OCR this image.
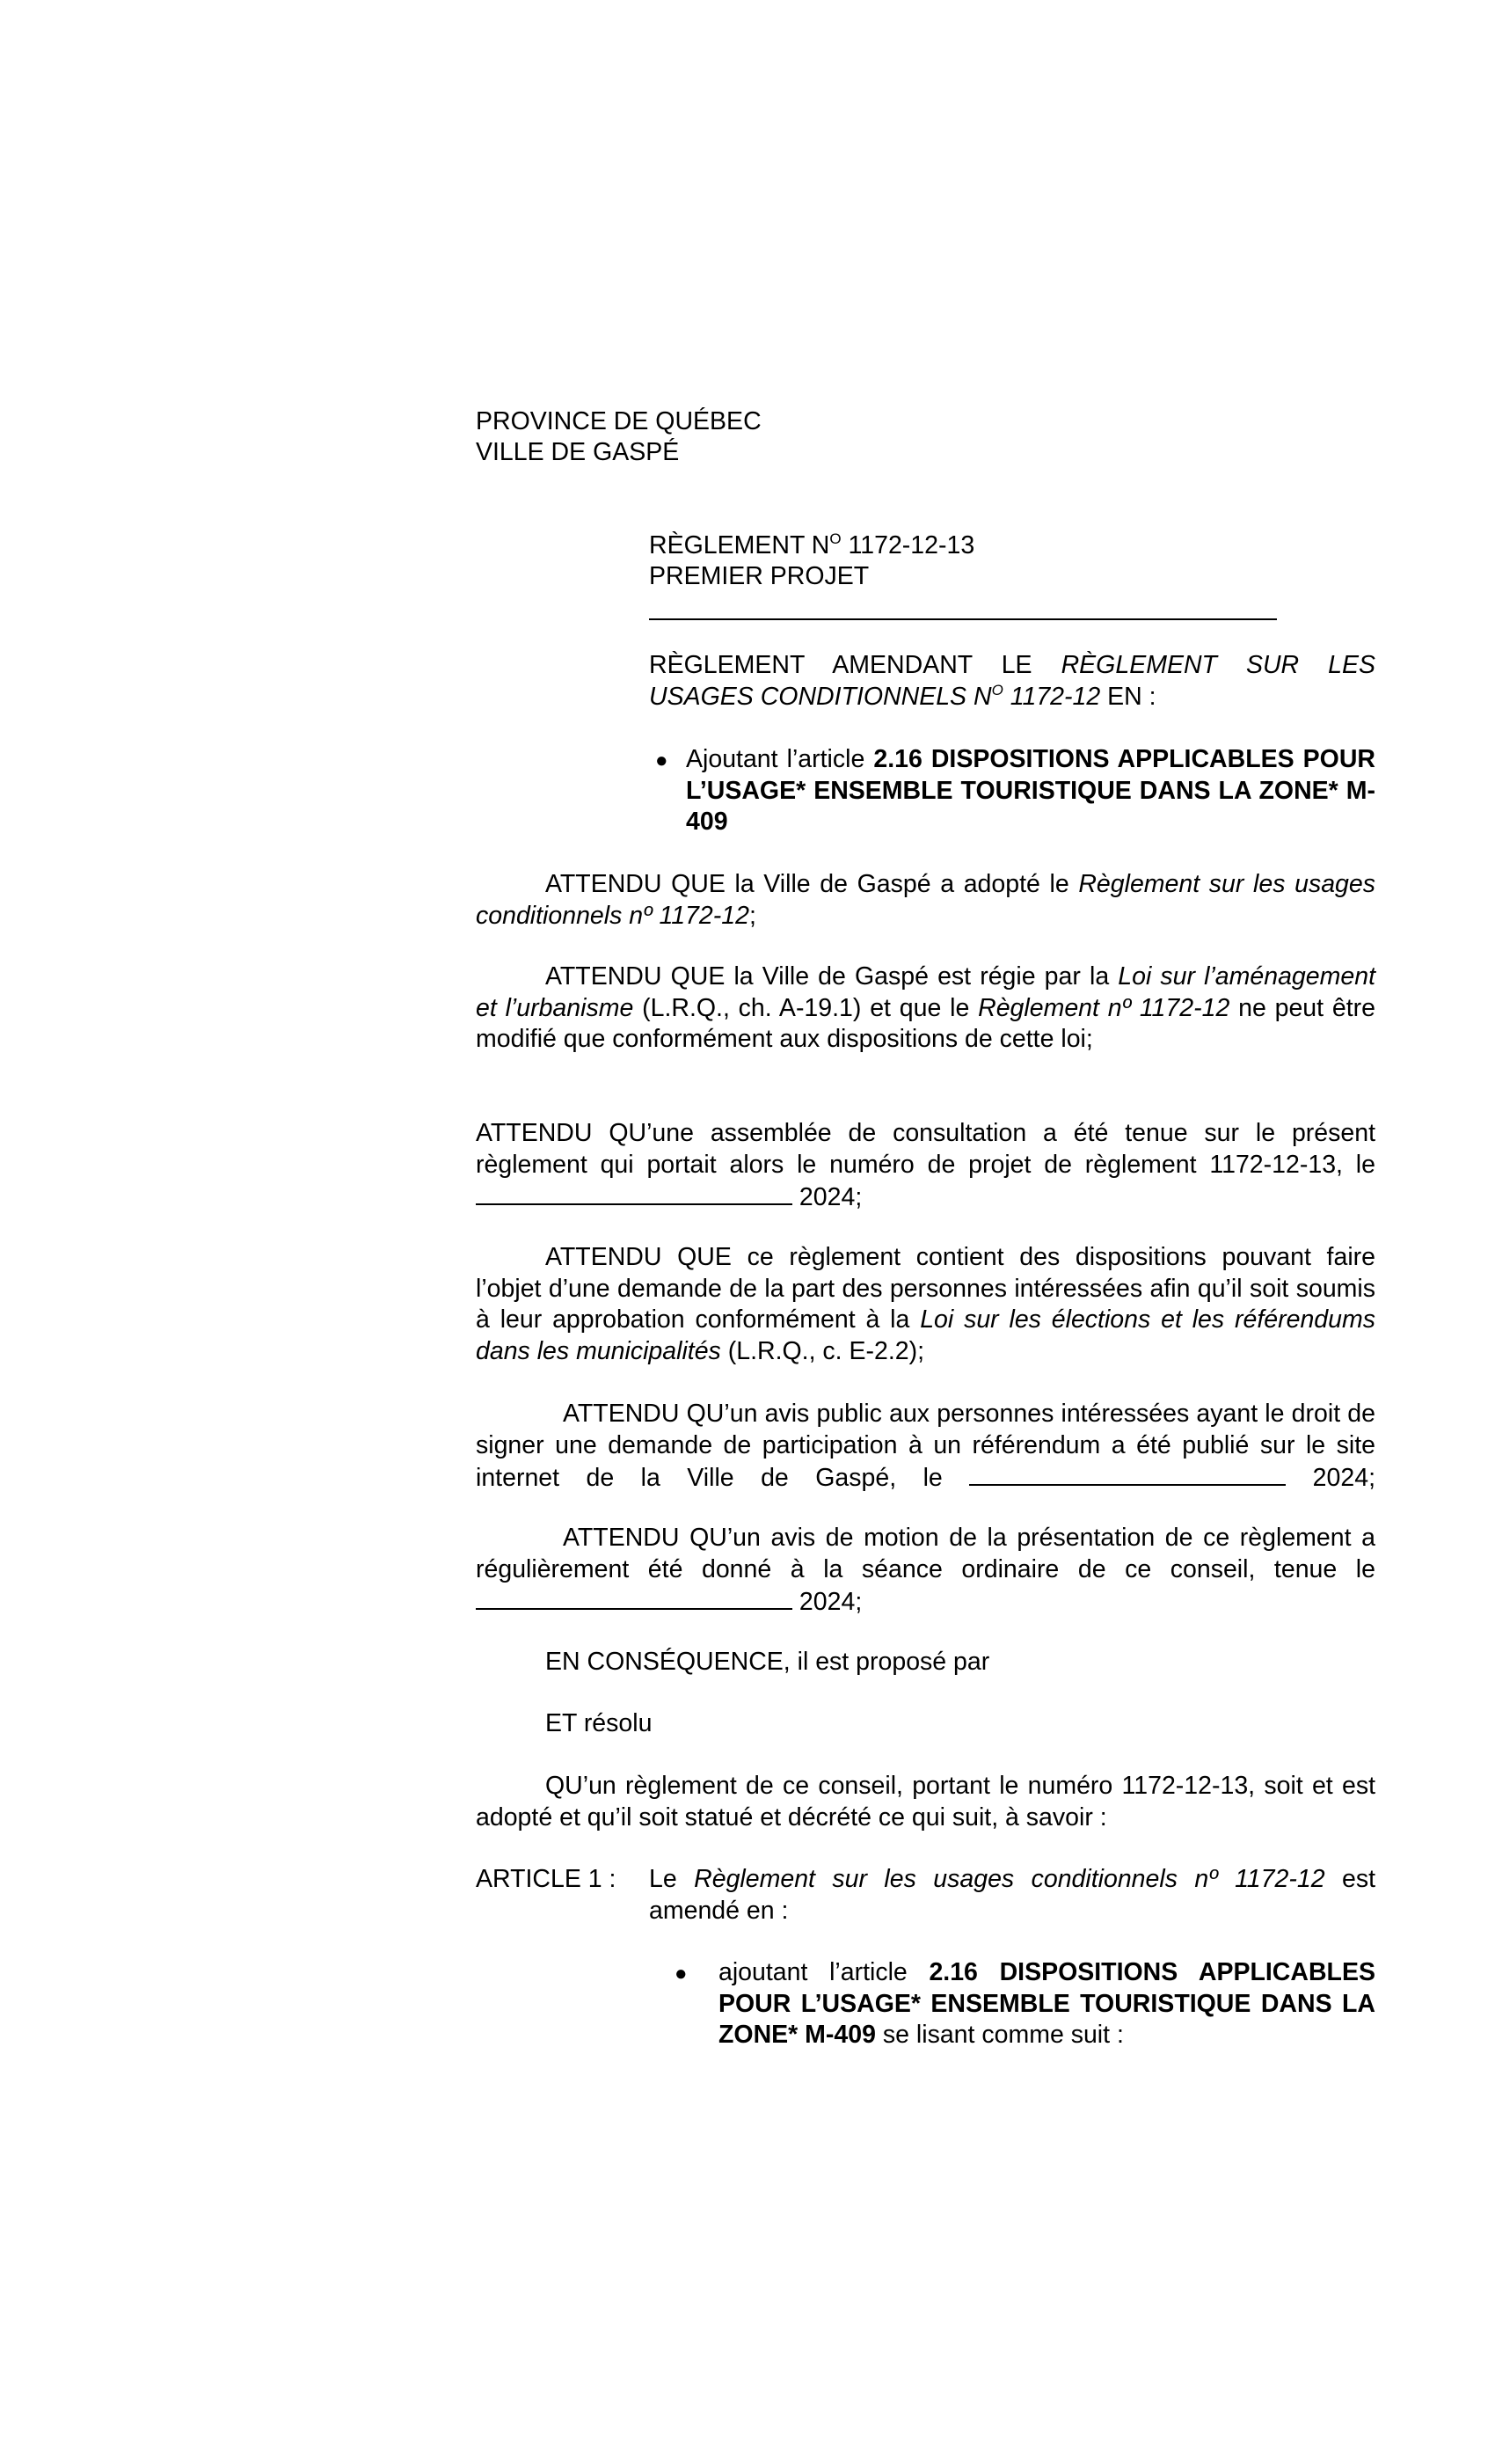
PROVINCE DE QUÉBEC
VILLE DE GASPÉ
RÈGLEMENT $N^O$ 1172-12-13
PREMIER PROJET
RÈGLEMENT AMENDANT LE RÈGLEMENT SUR LES USAGES CONDITIONNELS $N^O$ 1172-12 EN :
● Ajoutant l’article 2.16 DISPOSITIONS APPLICABLES POUR L’USAGE* ENSEMBLE TOURISTIQUE DANS LA ZONE* M-409
ATTENDU QUE la Ville de Gaspé a adopté le Règlement sur les usages conditionnels nº 1172-12;
ATTENDU QUE la Ville de Gaspé est régie par la Loi sur l’aménagement et l’urbanisme (L.R.Q., ch. A-19.1) et que le Règlement nº 1172-12 ne peut être modifié que conformément aux dispositions de cette loi;
ATTENDU QU’une assemblée de consultation a été tenue sur le présent règlement qui portait alors le numéro de projet de règlement 1172-12-13, le  2024;
ATTENDU QUE ce règlement contient des dispositions pouvant faire l’objet d’une demande de la part des personnes intéressées afin qu’il soit soumis à leur approbation conformément à la Loi sur les élections et les référendums dans les municipalités (L.R.Q., c. E-2.2);
ATTENDU QU’un avis public aux personnes intéressées ayant le droit de signer une demande de participation à un référendum a été publié sur le site internet de la Ville de Gaspé, le	2024;
ATTENDU QU’un avis de motion de la présentation de ce règlement a régulièrement été donné à la séance ordinaire de ce conseil, tenue le  2024;
EN CONSÉQUENCE, il est proposé par
ET résolu
QU’un règlement de ce conseil, portant le numéro 1172-12-13, soit et est adopté et qu’il soit statué et décrété ce qui suit, à savoir :
ARTICLE 1 : Le Règlement sur les usages conditionnels nº 1172-12 est amendé en :
● ajoutant l’article 2.16 DISPOSITIONS APPLICABLES POUR L’USAGE* ENSEMBLE TOURISTIQUE DANS LA ZONE* M-409 se lisant comme suit :
